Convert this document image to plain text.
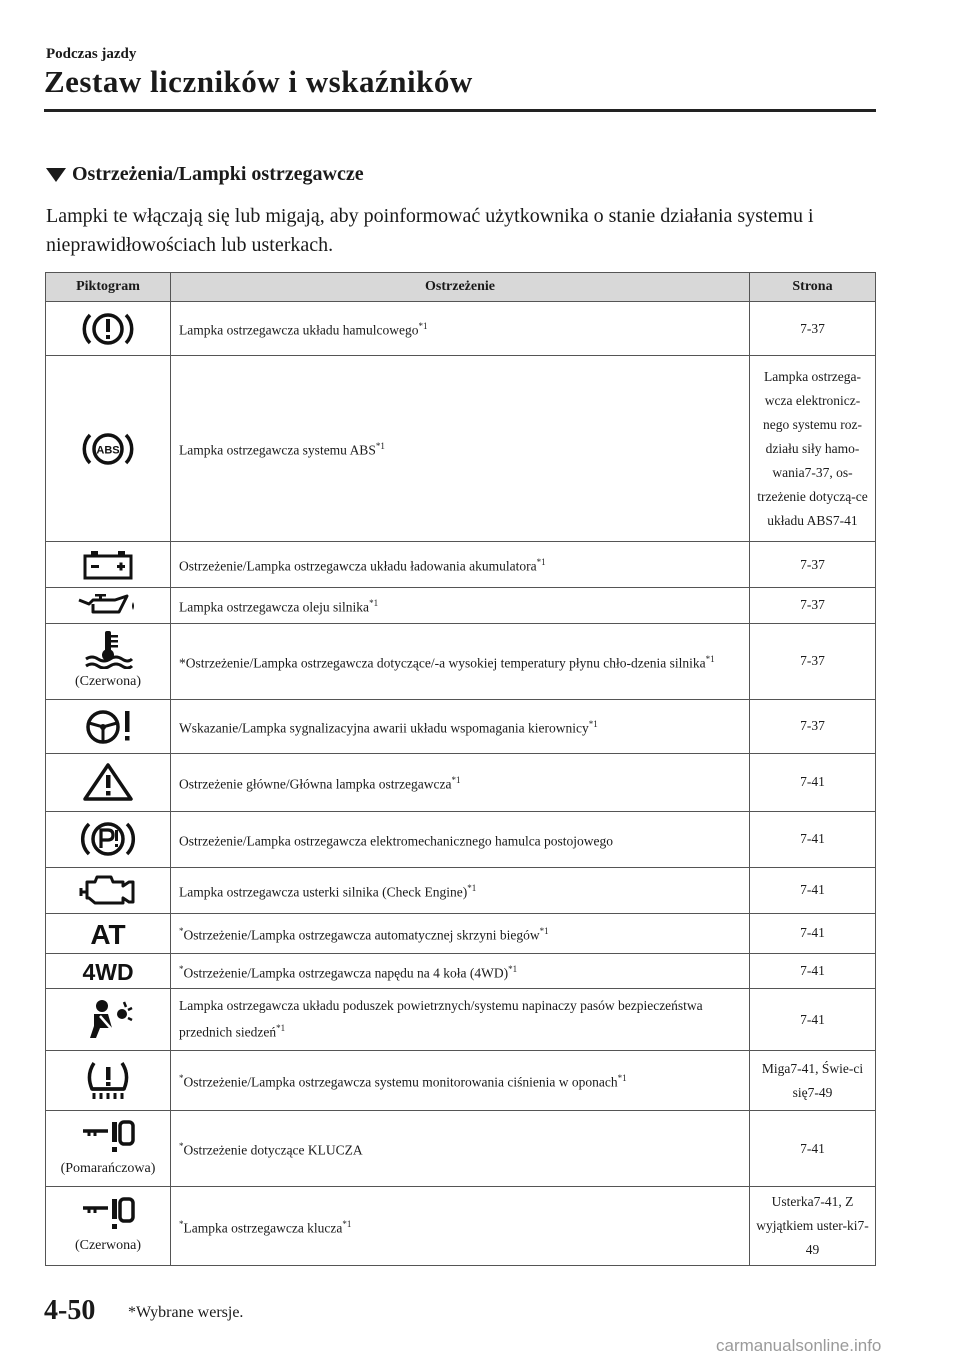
Podczas jazdy
Zestaw liczników i wskaźników
Ostrzeżenia/Lampki ostrzegawcze
Lampki te włączają się lub migają, aby poinformować użytkownika o stanie działania systemu i nieprawidłowościach lub usterkach.
Piktogram	Ostrzeżenie	Strona

	Lampka ostrzegawcza układu hamulcowego$^{*1}$	7-37

ABS	Lampka ostrzegawcza systemu ABS$^{*1}$	Lampka ostrzega-wcza elektronicz-nego systemu roz-działu siły hamo-wania7-37, os-trzeżenie dotyczą-ce układu ABS7-41

	Ostrzeżenie/Lampka ostrzegawcza układu ładowania akumulatora$^{*1}$	7-37

	Lampka ostrzegawcza oleju silnika$^{*1}$	7-37

(Czerwona)	*Ostrzeżenie/Lampka ostrzegawcza dotyczące/-a wysokiej temperatury płynu chło-dzenia silnika$^{*1}$	7-37

	Wskazanie/Lampka sygnalizacyjna awarii układu wspomagania kierownicy$^{*1}$	7-37

	Ostrzeżenie główne/Główna lampka ostrzegawcza$^{*1}$	7-41

	Ostrzeżenie/Lampka ostrzegawcza elektromechanicznego hamulca postojowego	7-41

	Lampka ostrzegawcza usterki silnika (Check Engine)$^{*1}$	7-41

AT	*Ostrzeżenie/Lampka ostrzegawcza automatycznej skrzyni biegów$^{*1}$	7-41

4WD	*Ostrzeżenie/Lampka ostrzegawcza napędu na 4 koła $(4WD)^{*1}$	7-41

	Lampka ostrzegawcza układu poduszek powietrznych/systemu napinaczy pasów bezpieczeństwa przednich siedzeń$^{*1}$	7-41

	*Ostrzeżenie/Lampka ostrzegawcza systemu monitorowania ciśnienia w oponach$^{*1}$	Miga7-41, Świe-ci się7-49

(Pomarańczowa)	*Ostrzeżenie dotyczące KLUCZA	7-41

(Czerwona)	*Lampka ostrzegawcza klucza$^{*1}$	Usterka7-41, Z wyjątkiem uster-ki7-49
4-50 *Wybrane wersje.
carmanualsonline.info
